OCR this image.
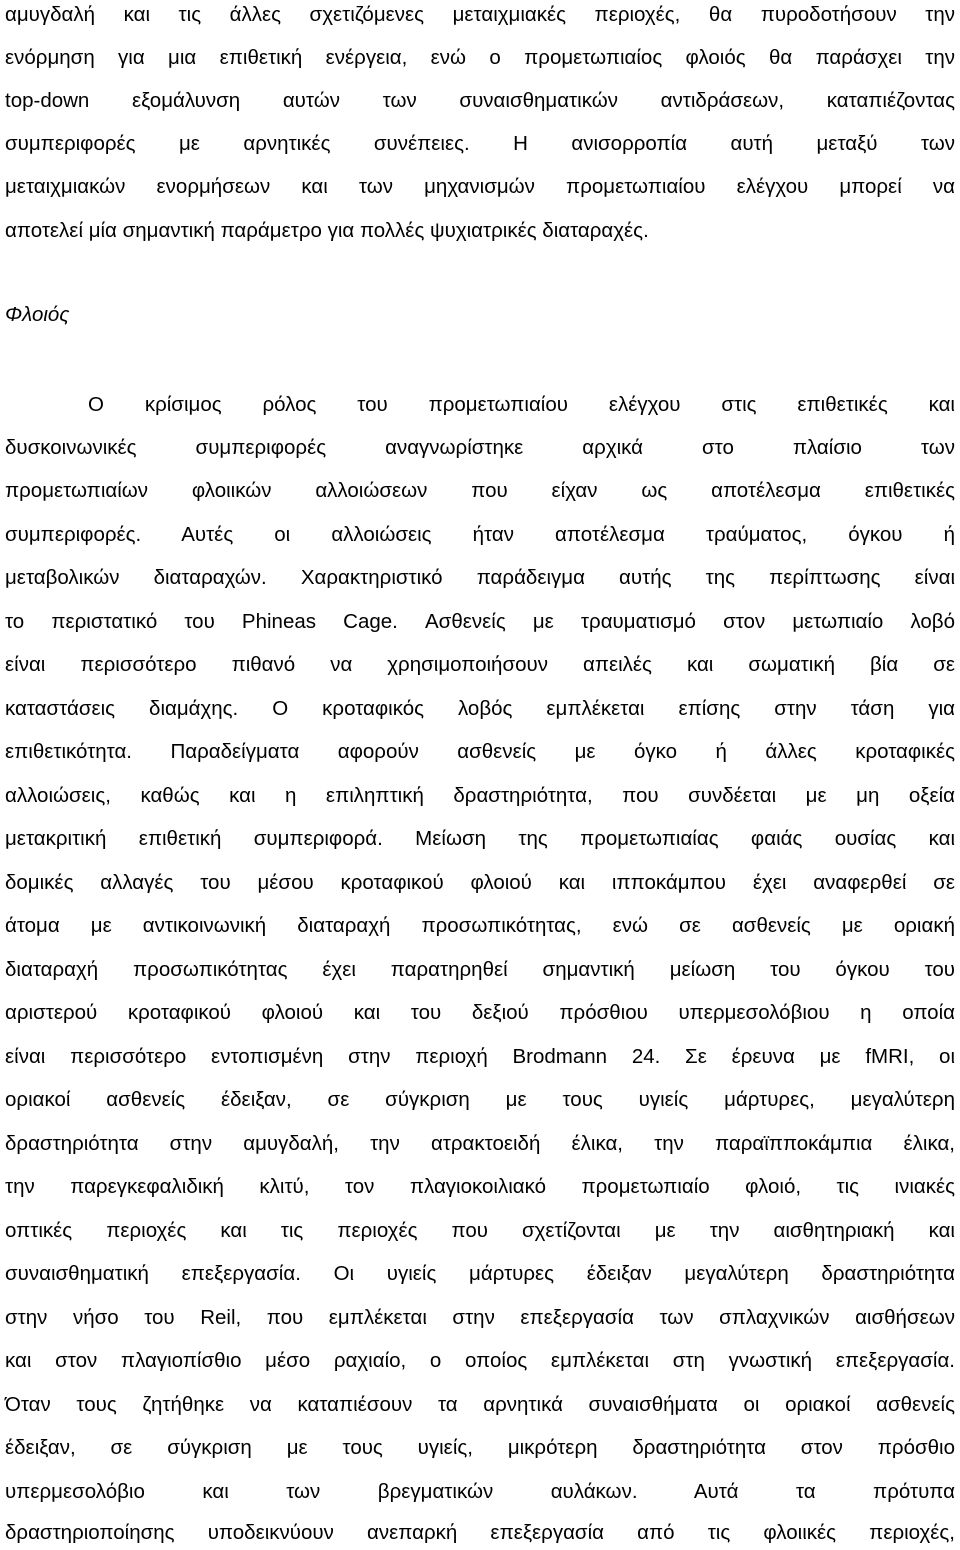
αμυγδαλή και τις άλλες σχετιζόμενες μεταιχμιακές περιοχές, θα πυροδοτήσουν την
ενόρμηση για μια επιθετική ενέργεια, ενώ ο προμετωπιαίος φλοιός θα παράσχει την
top-down εξομάλυνση αυτών των συναισθηματικών αντιδράσεων, καταπιέζοντας
συμπεριφορές με αρνητικές συνέπειες. Η ανισορροπία αυτή μεταξύ των
μεταιχμιακών ενορμήσεων και των μηχανισμών προμετωπιαίου ελέγχου μπορεί να
αποτελεί μία σημαντική παράμετρο για πολλές ψυχιατρικές διαταραχές.
Φλοιός
Ο κρίσιμος ρόλος του προμετωπιαίου ελέγχου στις επιθετικές και
δυσκοινωνικές συμπεριφορές αναγνωρίστηκε αρχικά στο πλαίσιο των
προμετωπιαίων φλοιικών αλλοιώσεων που είχαν ως αποτέλεσμα επιθετικές
συμπεριφορές. Αυτές οι αλλοιώσεις ήταν αποτέλεσμα τραύματος, όγκου ή
μεταβολικών διαταραχών. Χαρακτηριστικό παράδειγμα αυτής της περίπτωσης είναι
το περιστατικό του Phineas Cage. Ασθενείς με τραυματισμό στον μετωπιαίο λοβό
είναι περισσότερο πιθανό να χρησιμοποιήσουν απειλές και σωματική βία σε
καταστάσεις διαμάχης. Ο κροταφικός λοβός εμπλέκεται επίσης στην τάση για
επιθετικότητα. Παραδείγματα αφορούν ασθενείς με όγκο ή άλλες κροταφικές
αλλοιώσεις, καθώς και η επιληπτική δραστηριότητα, που συνδέεται με μη οξεία
μετακριτική επιθετική συμπεριφορά. Μείωση της προμετωπιαίας φαιάς ουσίας και
δομικές αλλαγές του μέσου κροταφικού φλοιού και ιπποκάμπου έχει αναφερθεί σε
άτομα με αντικοινωνική διαταραχή προσωπικότητας, ενώ σε ασθενείς με οριακή
διαταραχή προσωπικότητας έχει παρατηρηθεί σημαντική μείωση του όγκου του
αριστερού κροταφικού φλοιού και του δεξιού πρόσθιου υπερμεσολόβιου η οποία
είναι περισσότερο εντοπισμένη στην περιοχή Brodmann 24. Σε έρευνα με fMRI, οι
οριακοί ασθενείς έδειξαν, σε σύγκριση με τους υγιείς μάρτυρες, μεγαλύτερη
δραστηριότητα στην αμυγδαλή, την ατρακτοειδή έλικα, την παραϊπποκάμπια έλικα,
την παρεγκεφαλιδική κλιτύ, τον πλαγιοκοιλιακό προμετωπιαίο φλοιό, τις ινιακές
οπτικές περιοχές και τις περιοχές που σχετίζονται με την αισθητηριακή και
συναισθηματική επεξεργασία. Οι υγιείς μάρτυρες έδειξαν μεγαλύτερη δραστηριότητα
στην νήσο του Reil, που εμπλέκεται στην επεξεργασία των σπλαχνικών αισθήσεων
και στον πλαγιοπίσθιο μέσο ραχιαίο, ο οποίος εμπλέκεται στη γνωστική επεξεργασία.
Όταν τους ζητήθηκε να καταπιέσουν τα αρνητικά συναισθήματα οι οριακοί ασθενείς
έδειξαν, σε σύγκριση με τους υγιείς, μικρότερη δραστηριότητα στον πρόσθιο
υπερμεσολόβιο και των βρεγματικών αυλάκων. Αυτά τα πρότυπα
δραστηριοποίησης υποδεικνύουν ανεπαρκή επεξεργασία από τις φλοιικές περιοχές,
